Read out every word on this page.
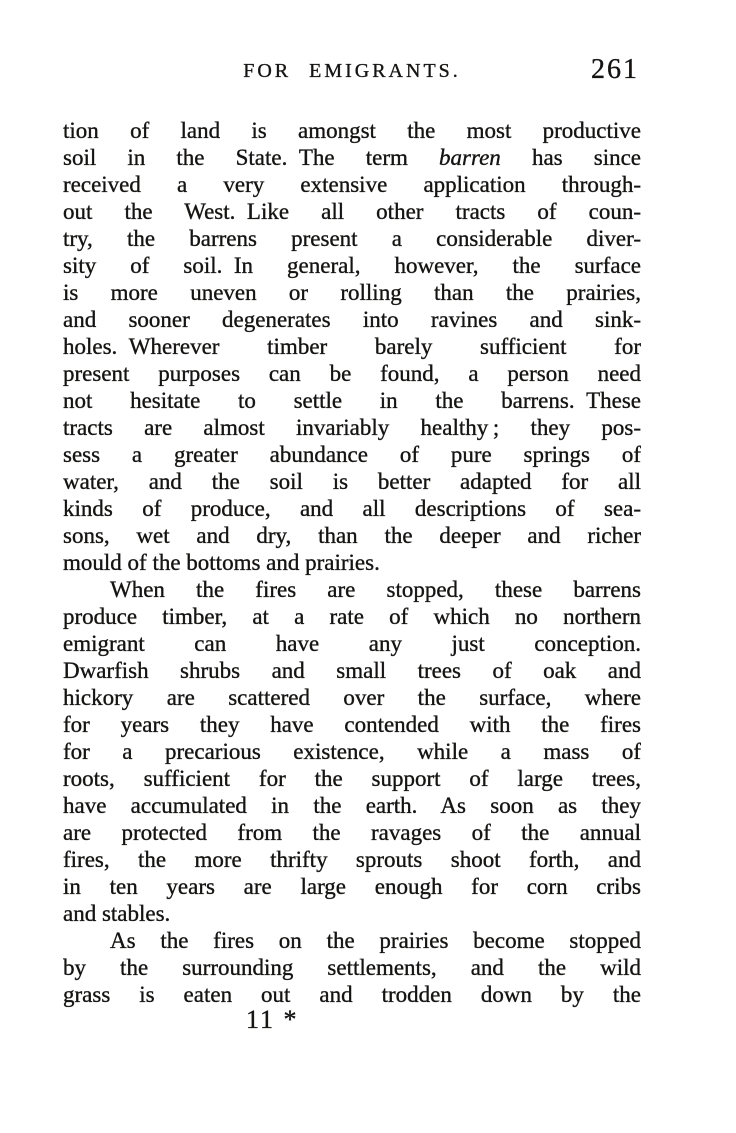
FOR EMIGRANTS.	261
tion of land is amongst the most productive
soil in the State. The term barren has since
received a very extensive application through-
out the West. Like all other tracts of coun-
try, the barrens present a considerable diver-
sity of soil. In general, however, the surface
is more uneven or rolling than the prairies,
and sooner degenerates into ravines and sink-
holes. Wherever timber barely sufficient for
present purposes can be found, a person need
not hesitate to settle in the barrens. These
tracts are almost invariably healthy ; they pos-
sess a greater abundance of pure springs of
water, and the soil is better adapted for all
kinds of produce, and all descriptions of sea-
sons, wet and dry, than the deeper and richer
mould of the bottoms and prairies.
When the fires are stopped, these barrens
produce timber, at a rate of which no northern
emigrant can have any just conception.
Dwarfish shrubs and small trees of oak and
hickory are scattered over the surface, where
for years they have contended with the fires
for a precarious existence, while a mass of
roots, sufficient for the support of large trees,
have accumulated in the earth. As soon as they
are protected from the ravages of the annual
fires, the more thrifty sprouts shoot forth, and
in ten years are large enough for corn cribs
and stables.
As the fires on the prairies become stopped
by the surrounding settlements, and the wild
grass is eaten out and trodden down by the
11 *
